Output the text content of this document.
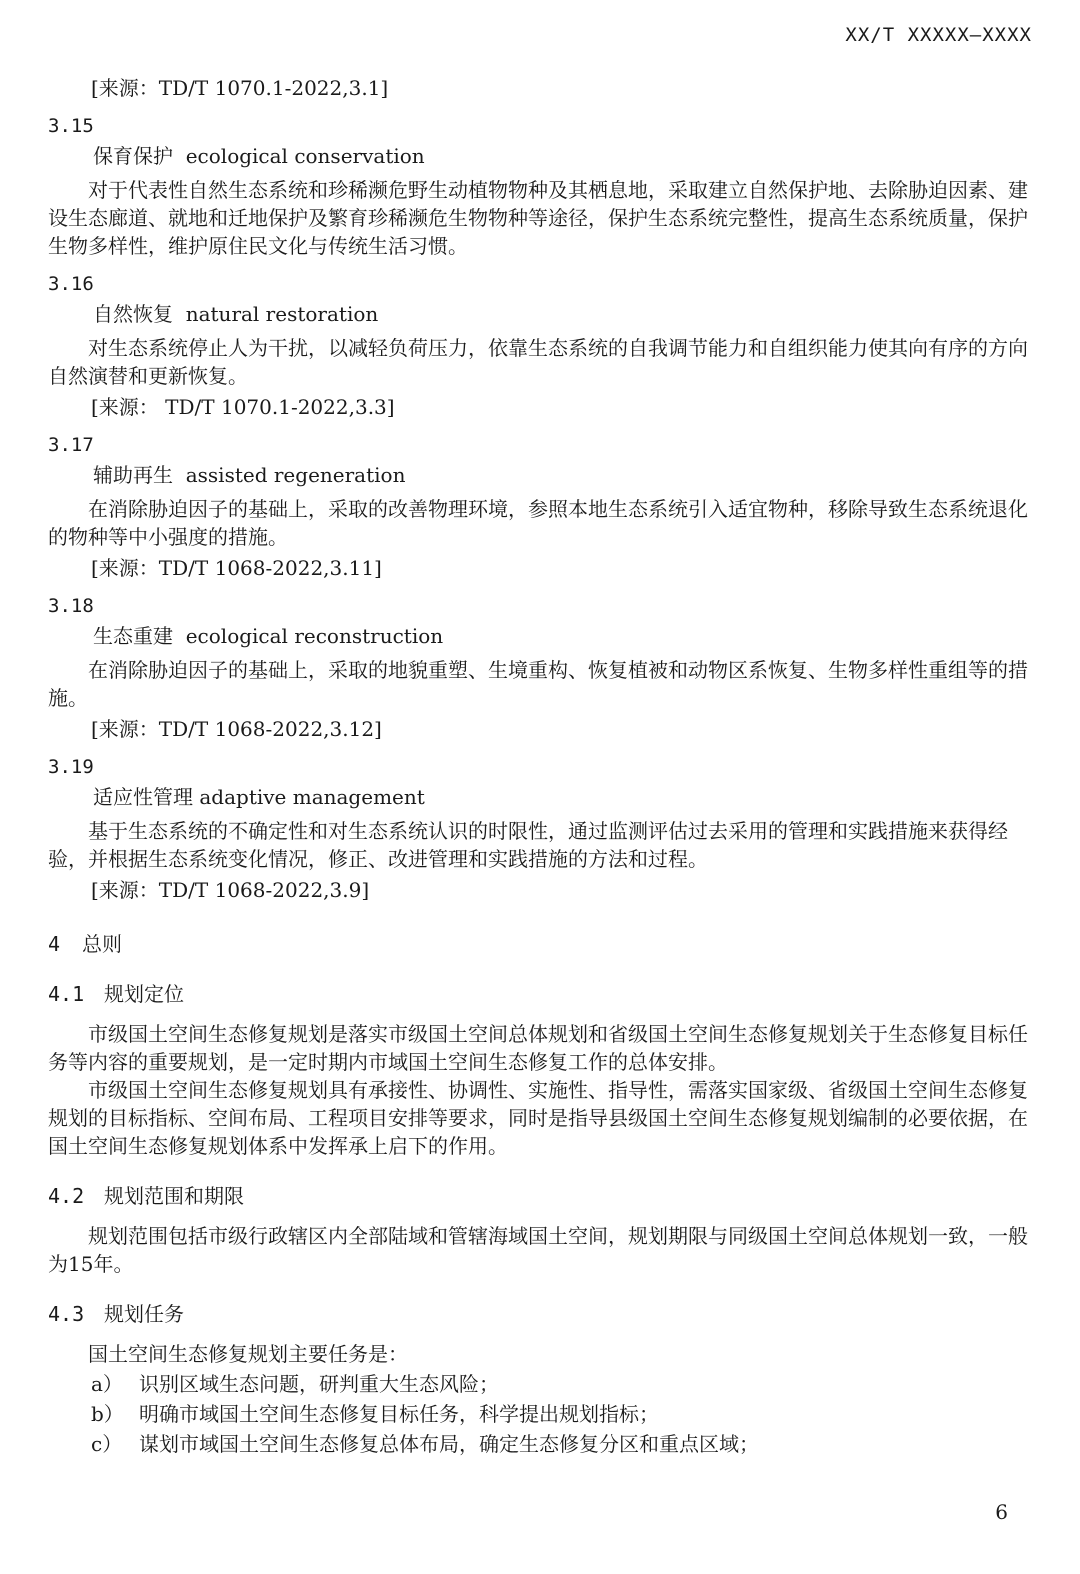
XX/T XXXXX—XXXX

[来源：TD/T 1070.1-2022,3.1]

3.15

保育保护 ecological conservation

对于代表性自然生态系统和珍稀濒危野生动植物物种及其栖息地，采取建立自然保护地、去除胁迫因素、建设生态廊道、就地和迁地保护及繁育珍稀濒危生物物种等途径，保护生态系统完整性，提高生态系统质量，保护生物多样性，维护原住民文化与传统生活习惯。

3.16

自然恢复 natural restoration

对生态系统停止人为干扰，以减轻负荷压力，依靠生态系统的自我调节能力和自组织能力使其向有序的方向自然演替和更新恢复。

[来源： TD/T 1070.1-2022,3.3]

3.17

辅助再生 assisted regeneration

在消除胁迫因子的基础上，采取的改善物理环境，参照本地生态系统引入适宜物种，移除导致生态系统退化的物种等中小强度的措施。

[来源：TD/T 1068-2022,3.11]

3.18

生态重建 ecological reconstruction

在消除胁迫因子的基础上，采取的地貌重塑、生境重构、恢复植被和动物区系恢复、生物多样性重组等的措施。

[来源：TD/T 1068-2022,3.12]

3.19

适应性管理 adaptive management

基于生态系统的不确定性和对生态系统认识的时限性，通过监测评估过去采用的管理和实践措施来获得经验，并根据生态系统变化情况，修正、改进管理和实践措施的方法和过程。

[来源：TD/T 1068-2022,3.9]

4 总则

4.1 规划定位

市级国土空间生态修复规划是落实市级国土空间总体规划和省级国土空间生态修复规划关于生态修复目标任务等内容的重要规划，是一定时期内市域国土空间生态修复工作的总体安排。

市级国土空间生态修复规划具有承接性、协调性、实施性、指导性，需落实国家级、省级国土空间生态修复规划的目标指标、空间布局、工程项目安排等要求，同时是指导县级国土空间生态修复规划编制的必要依据，在国土空间生态修复规划体系中发挥承上启下的作用。

4.2 规划范围和期限

规划范围包括市级行政辖区内全部陆域和管辖海域国土空间，规划期限与同级国土空间总体规划一致，一般为15年。

4.3 规划任务

国土空间生态修复规划主要任务是：

a） 识别区域生态问题，研判重大生态风险；

b） 明确市域国土空间生态修复目标任务，科学提出规划指标；

c） 谋划市域国土空间生态修复总体布局，确定生态修复分区和重点区域；

6
